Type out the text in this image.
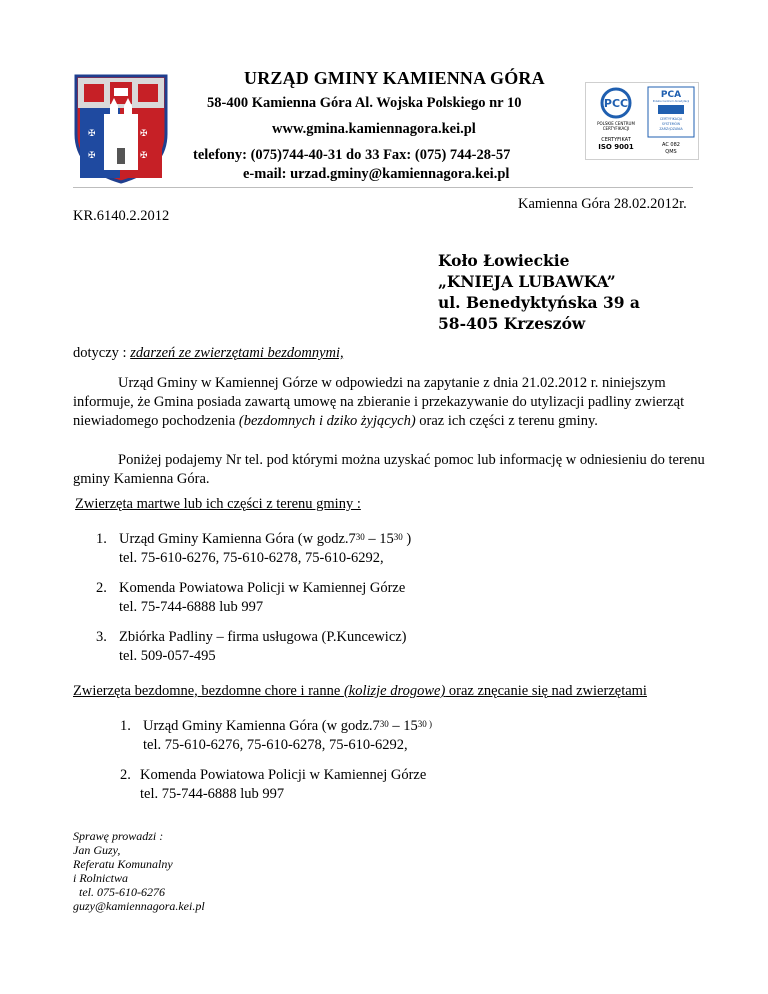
✠	✠
✠	✠
URZĄD GMINY KAMIENNA GÓRA
58-400 Kamienna Góra Al. Wojska Polskiego nr 10
www.gmina.kamiennagora.kei.pl
telefony: (075)744-40-31 do 33 Fax: (075) 744-28-57
e-mail: urzad.gminy@kamiennagora.kei.pl
PCC
POLSKIE CENTRUM
CERTYFIKACJI
CERTYFIKAT
ISO 9001
PCA
Polskie Centrum Akredytacji
CERTYFIKACJA
SYSTEMÓW
ZARZĄDZANIA
AC 082
QMS
Kamienna Góra 28.02.2012r.
KR.6140.2.2012
Koło Łowieckie
„KNIEJA LUBAWKA”
ul. Benedyktyńska 39 a
58-405 Krzeszów
dotyczy : zdarzeń ze zwierzętami bezdomnymi,
Urząd Gminy w Kamiennej Górze w odpowiedzi na zapytanie z dnia 21.02.2012 r. niniejszym informuje, że Gmina posiada zawartą umowę na zbieranie i przekazywanie do utylizacji padliny zwierząt niewiadomego pochodzenia (bezdomnych i dziko żyjących) oraz ich części z terenu gminy.
Poniżej podajemy Nr tel. pod którymi można uzyskać pomoc lub informację w odniesieniu do terenu gminy Kamienna Góra.
Zwierzęta martwe lub ich części z terenu gminy :
1. Urząd Gminy Kamienna Góra (w $godz.7^{30} - 15^{30}$ )
tel. 75-610-6276, 75-610-6278, 75-610-6292,
2. Komenda Powiatowa Policji w Kamiennej Górze
tel. 75-744-6888 lub 997
3. Zbiórka Padliny – firma usługowa (P.Kuncewicz)
tel. 509-057-495
Zwierzęta bezdomne, bezdomne chore i ranne (kolizje drogowe) oraz znęcanie się nad zwierzętami
1. Urząd Gminy Kamienna Góra (w $godz.7^{30} - 15^{30 )}$
tel. 75-610-6276, 75-610-6278, 75-610-6292,
2. Komenda Powiatowa Policji w Kamiennej Górze
tel. 75-744-6888 lub 997
Sprawę prowadzi :
Jan Guzy,
Referatu Komunalny
i Rolnictwa
tel. 075-610-6276
guzy@kamiennagora.kei.pl
